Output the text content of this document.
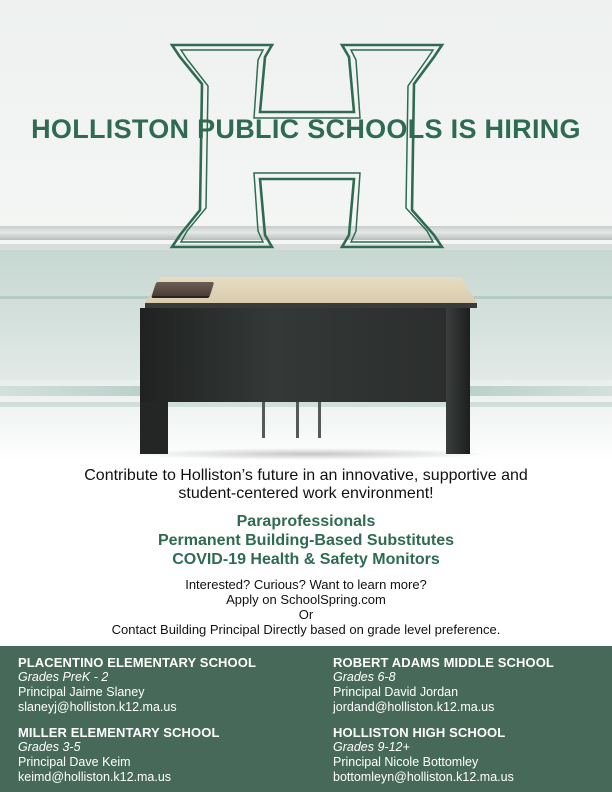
HOLLISTON PUBLIC SCHOOLS IS HIRING
Contribute to Holliston’s future in an innovative, supportive and
student-centered work environment!
Paraprofessionals
Permanent Building-Based Substitutes
COVID-19 Health & Safety Monitors
Interested? Curious? Want to learn more?
Apply on SchoolSpring.com
Or
Contact Building Principal Directly based on grade level preference.
PLACENTINO ELEMENTARY SCHOOL
Grades PreK - 2
Principal Jaime Slaney
slaneyj@holliston.k12.ma.us
ROBERT ADAMS MIDDLE SCHOOL
Grades 6-8
Principal David Jordan
jordand@holliston.k12.ma.us
MILLER ELEMENTARY SCHOOL
Grades 3-5
Principal Dave Keim
keimd@holliston.k12.ma.us
HOLLISTON HIGH SCHOOL
Grades 9-12+
Principal Nicole Bottomley
bottomleyn@holliston.k12.ma.us
